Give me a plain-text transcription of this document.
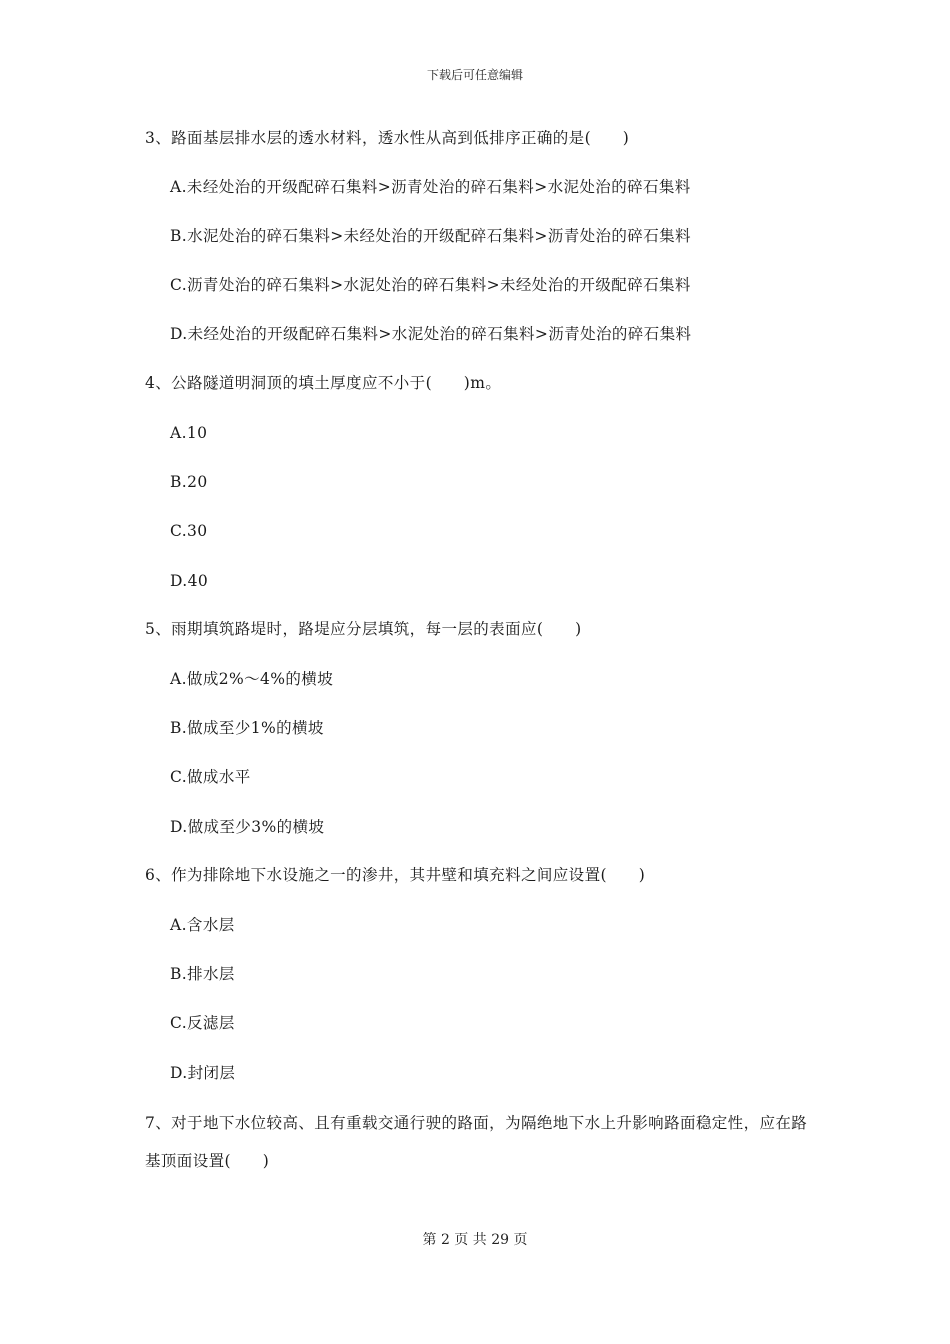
下载后可任意编辑
3、路面基层排水层的透水材料，透水性从高到低排序正确的是(　　)
A.未经处治的开级配碎石集料>沥青处治的碎石集料>水泥处治的碎石集料
B.水泥处治的碎石集料>未经处治的开级配碎石集料>沥青处治的碎石集料
C.沥青处治的碎石集料>水泥处治的碎石集料>未经处治的开级配碎石集料
D.未经处治的开级配碎石集料>水泥处治的碎石集料>沥青处治的碎石集料
4、公路隧道明洞顶的填土厚度应不小于(　　)m。
A.10
B.20
C.30
D.40
5、雨期填筑路堤时，路堤应分层填筑，每一层的表面应(　　)
A.做成2%～4%的横坡
B.做成至少1%的横坡
C.做成水平
D.做成至少3%的横坡
6、作为排除地下水设施之一的渗井，其井壁和填充料之间应设置(　　)
A.含水层
B.排水层
C.反滤层
D.封闭层
7、对于地下水位较高、且有重载交通行驶的路面，为隔绝地下水上升影响路面稳定性，应在路基顶面设置(　　)
第 2 页 共 29 页
